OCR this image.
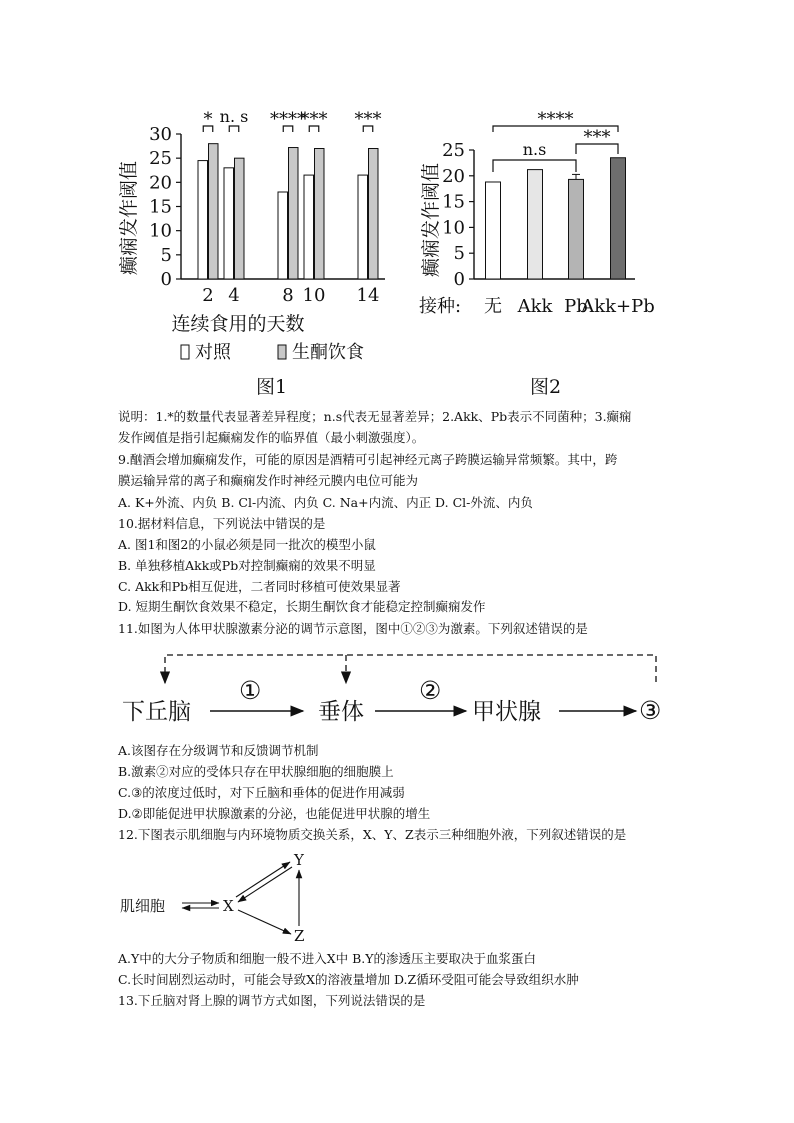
0
5
10
15
20
25
30
2
*
4
n. s
8
****
10
***
14
***
癫痫发作阈值
连续食用的天数
对照	生酮饮食
图1
0
5
10
15
20
25
无 Akk Pb
Akk+Pb
n.s
***
****
癫痫发作阈值
接种:
图2
说明：1.*的数量代表显著差异程度；n.s代表无显著差异；2.Akk、Pb表示不同菌种；3.癫痫
发作阈值是指引起癫痫发作的临界值（最小刺激强度）。
9.酗酒会增加癫痫发作，可能的原因是酒精可引起神经元离子跨膜运输异常频繁。其中，跨
膜运输异常的离子和癫痫发作时神经元膜内电位可能为
A. K+外流、内负 B. Cl-内流、内负 C. Na+内流、内正 D. Cl-外流、内负
10.据材料信息，下列说法中错误的是
A. 图1和图2的小鼠必须是同一批次的模型小鼠
B. 单独移植Akk或Pb对控制癫痫的效果不明显
C. Akk和Pb相互促进，二者同时移植可使效果显著
D. 短期生酮饮食效果不稳定，长期生酮饮食才能稳定控制癫痫发作
11.如图为人体甲状腺激素分泌的调节示意图，图中①②③为激素。下列叙述错误的是
下丘脑	垂体	甲状腺	③
①	②
A.该图存在分级调节和反馈调节机制
B.激素②对应的受体只存在甲状腺细胞的细胞膜上
C.③的浓度过低时，对下丘脑和垂体的促进作用减弱
D.②即能促进甲状腺激素的分泌，也能促进甲状腺的增生
12.下图表示肌细胞与内环境物质交换关系，X、Y、Z表示三种细胞外液，下列叙述错误的是
肌细胞	X
Y
Z
A.Y中的大分子物质和细胞一般不进入X中 B.Y的渗透压主要取决于血浆蛋白
C.长时间剧烈运动时，可能会导致X的溶液量增加 D.Z循环受阻可能会导致组织水肿
13.下丘脑对肾上腺的调节方式如图，下列说法错误的是
